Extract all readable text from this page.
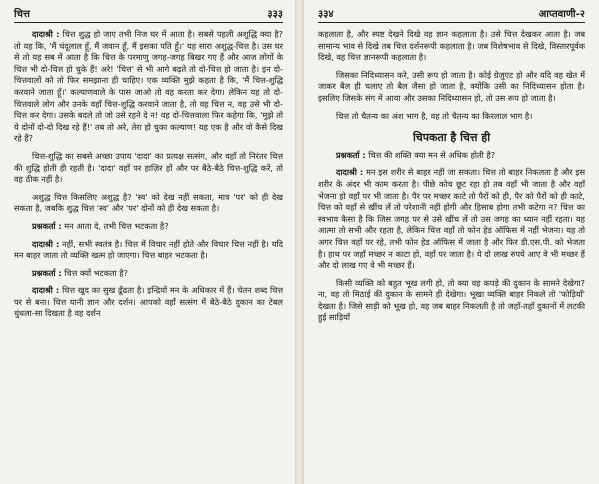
चित्त	३३३

दादाश्री : चित्त शुद्ध हो जाए तभी निज घर में आता है। सबसे पहली अशुद्धि क्या है? तो यह कि, 'मैं चंदूलाल हूँ, मैं जवान हूँ, मैं इसका पति हूँ।' यह सारा अशुद्ध-चित्त है। उस घर से तो यह सब में आता है कि चित्त के परमाणु जगह-जगह बिखर गए हैं और आज लोगों के चित्त भी दो-चित्त हो चुके हैं! अरे! 'चित्त' से भी आगे बढ़ते तो दो-चित्त हो जाता है। इन दो-चित्तवालों को तो फिर समझाना ही चाहिए। एक व्यक्ति मुझे कहता है कि, 'मैं चित्त-शुद्धि करवाने जाता हूँ।' कल्याणवाले के पास जाओ तो वह करता कर देगा। लेकिन यह तो दो-चित्तवाले लोग और उनके वहाँ चित्त-शुद्धि करवाने जाता है, तो वह चित्त न, वह उसे भी दो-चित्त कर देगा। उसके बदले तो जो उसे रहने दे न! वह दो-चित्तवाला फिर कहेगा कि, 'मुझे तो ये दोनों दो-दो दिख रहे हैं!' तब तो अरे, तेरा हो चुका कल्याण! यह एक है और वो कैसे दिख रहे हैं?

चित्त-शुद्धि का सबसे अच्छा उपाय 'दादा' का प्रत्यक्ष सत्संग, और वहाँ तो निरंतर चित्त की शुद्धि होती ही रहती है। 'दादा' वहाँ पर हाज़िर हों और पर बैठे-बैठे चित्त-शुद्धि करें, तो वह ठीक नहीं है।

अशुद्ध चित्त किसलिए अशुद्ध है? 'स्व' को देख नहीं सकता, मात्र 'पर' को ही देख सकता है, जबकि शुद्ध चित्त 'स्व' और 'पर' दोनों को ही देख सकता है।

प्रश्नकर्ता : मन आता दे, तभी चित्त भटकता है?

दादाश्री : नहीं, सभी स्वतंत्र है। चित्त में विचार नहीं होते और विचार चित्त नहीं है। यदि मन बाहर जाता तो व्यक्ति खत्म हो जाएगा। चित्त बाहर भटकता है।

प्रश्नकर्ता : चित्त क्यों भटकता है?

दादाश्री : चित्त खुद का सुख ढूँढता है। इन्द्रियों मन के अधिकार में हैं। चेतन शब्द चित्त पर से बना। चित्त यानी ज्ञान और दर्शन। आपको वहाँ सत्संग में बैठे-बैठे दुकान का टेबल धुंधला-सा दिखता है वह दर्शन

३३४	आप्तवाणी-२

कहलाता है, और स्पष्ट देखने दिखे वह ज्ञान कहलाता है। उसे चित्त देखकर आता है। जब सामान्य भाव से दिखे तब चित्त दर्शनरूपी कहलाता है। जब विशेषभाव से दिखे, विस्तारपूर्वक दिखे, वह चित्त ज्ञानरूपी कहलाता है।

जिसका निदिध्यासन करे, उसी रूप हो जाता है। कोई ग्रेजुएट हो और यदि वह खेत में जाकर बैल ही चलाए तो बैल जैसा हो जाता है, क्योंकि उसी का निदिध्यासन होता है। इसलिए जिसके संग में आया और उसका निदिध्यासन हो, तो उस रूप हो जाता है।

चित्त तो चैतन्य का अंश भाग है, वह तो चैतन्य का किरलाल भाग है।

चिपकता है चित्त ही

प्रश्नकर्ता : चित्त की शक्ति क्या मन से अधिक होती है?

दादाश्री : मन इस शरीर से बाहर नहीं जा सकता। चित्त तो बाहर निकलता है और इस शरीर के अंदर भी काम करता है। पीछे कोच छूट रहा हो तब वहाँ भी जाता है और वहाँ भेजना हो वहाँ पर भी जाता है। पैर पर मच्छर काटे तो पैरों को ही, पैर को पैरों को ही काटे, चित्त को वहाँ से खींच लें तो परेशानी नहीं होगी और हिसाब होगा तभी कटेगा न? चित्त का स्वभाव कैसा है कि जिस जगह पर से उसे खींच लें तो उस जगह का ध्यान नहीं रहता। यह आत्मा तो सभी और रहता है, लेकिन चित्त वहाँ तो फोन हेड ऑफिस में नहीं भेजना। यह तो अगर चित्त वहाँ पर रहे, तभी फोन हेड ऑफिस में जाता है और फिर डी.एस.पी. को भेजता है। हाथ पर जहाँ मच्छर न काटा हो, वहाँ पर जाता है। ये दो लाख रुपये आए वे भी मच्छर हैं और दो लाख गए वे भी मच्छर हैं।

किसी व्यक्ति को बहुत भूख लगी हो, तो क्या वह कपड़े की दुकान के सामने देखेगा? ना, वह तो मिठाई की दुकान के सामने ही देखेगा। भूखा व्यक्ति बाहर निकले तो 'फोड़ियाँ' देखता है। जिसे साड़ी को भूख हो, वह जब बाहर निकलती है तो जहाँ-तहाँ दुकानों में लटकी हुई साड़ियाँ
